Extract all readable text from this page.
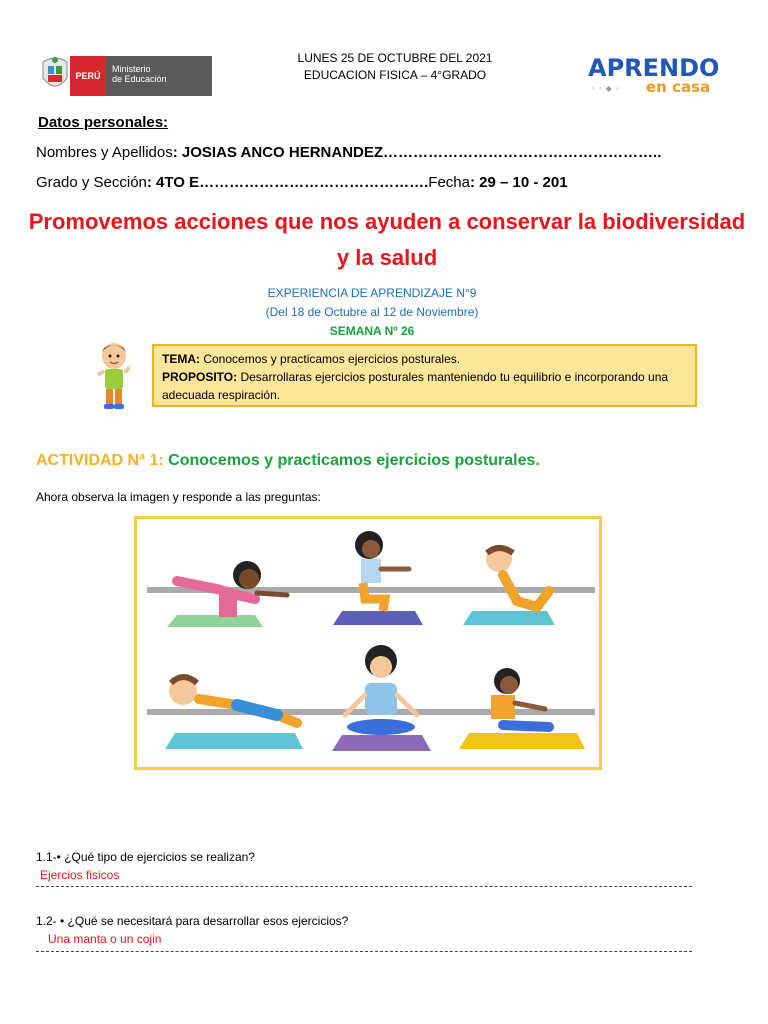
PERÚ
Ministerio
de Educación
LUNES 25 DE OCTUBRE DEL 2021
EDUCACION FISICA – 4°GRADO	APRENDO
▫◦◆◦ en casa
Datos personales:
Nombres y Apellidos: JOSIAS ANCO HERNANDEZ………………………………………………..
Grado y Sección: 4TO E……………………………………….Fecha: 29 – 10 - 201
Promovemos acciones que nos ayuden a conservar la biodiversidad
y la salud
EXPERIENCIA DE APRENDIZAJE N°9
(Del 18 de Octubre al 12 de Noviembre)
SEMANA Nº 26
TEMA: Conocemos y practicamos ejercicios posturales.
PROPOSITO: Desarrollaras ejercicios posturales manteniendo tu equilibrio e incorporando una adecuada respiración.
ACTIVIDAD Nª 1: Conocemos y practicamos ejercicios posturales.
Ahora observa la imagen y responde a las preguntas:
1.1-• ¿Qué tipo de ejercicios se realizan?
Ejercios fisicos
1.2- • ¿Qué se necesitará para desarrollar esos ejercicios?
Una manta o un cojin
